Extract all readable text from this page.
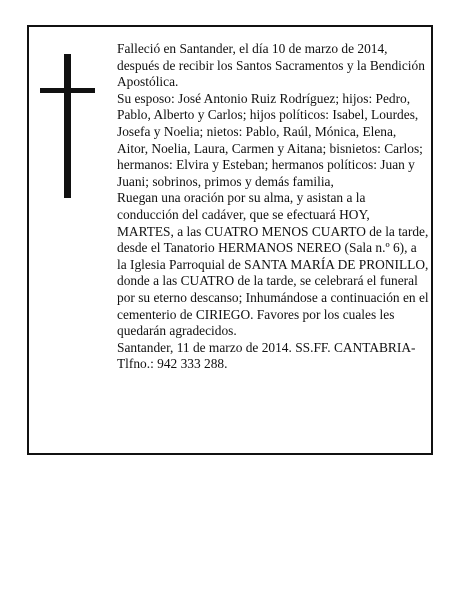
Falleció en Santander, el día 10 de marzo de 2014, después de recibir los Santos Sacramentos y la Bendición Apostólica.

Su esposo: José Antonio Ruiz Rodríguez; hijos: Pedro, Pablo, Alberto y Carlos; hijos políticos: Isabel, Lourdes, Josefa y Noelia; nietos: Pablo, Raúl, Mónica, Elena, Aitor, Noelia, Laura, Carmen y Aitana; bisnietos: Carlos; hermanos: Elvira y Esteban; hermanos políticos: Juan y Juani; sobrinos, primos y demás familia,

Ruegan una oración por su alma, y asistan a la conducción del cadáver, que se efectuará HOY, MARTES, a las CUATRO MENOS CUARTO de la tarde, desde el Tanatorio HERMANOS NEREO (Sala n.º 6), a la Iglesia Parroquial de SANTA MARÍA DE PRONILLO, donde a las CUATRO de la tarde, se celebrará el funeral por su eterno descanso; Inhumándose a continuación en el cementerio de CIRIEGO. Favores por los cuales les quedarán agradecidos.

Santander, 11 de marzo de 2014. SS.FF. CANTABRIA-Tlfno.: 942 333 288.
